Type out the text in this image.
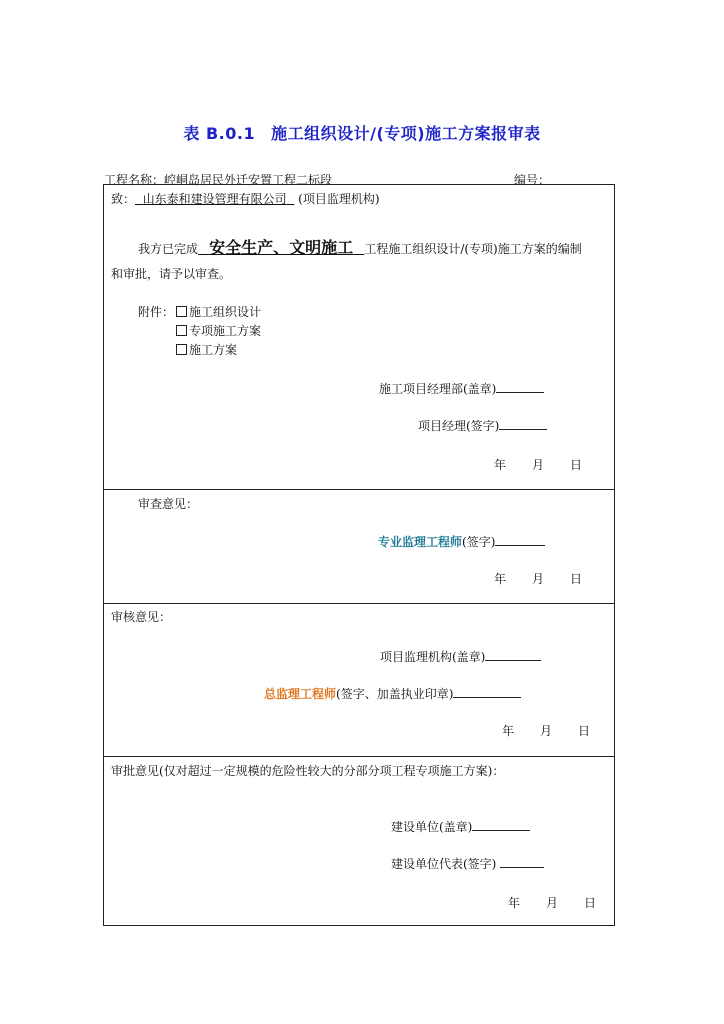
表 B.0.1 施工组织设计/(专项)施工方案报审表
工程名称：崆峒岛居民外迁安置工程二标段	编号：
致： 山东泰和建设管理有限公司 (项目监理机构)
我方已完成 安全生产、文明施工 工程施工组织设计/(专项)施工方案的编制
和审批，请予以审查。
附件：	施工组织设计
专项施工方案
施工方案
施工项目经理部(盖章)
项目经理(签字)
年 月 日
审查意见：
专业监理工程师(签字)
年 月 日
审核意见：
项目监理机构(盖章)
总监理工程师(签字、加盖执业印章)
年 月 日
审批意见(仅对超过一定规模的危险性较大的分部分项工程专项施工方案)：
建设单位(盖章)
建设单位代表(签字)
年 月 日
